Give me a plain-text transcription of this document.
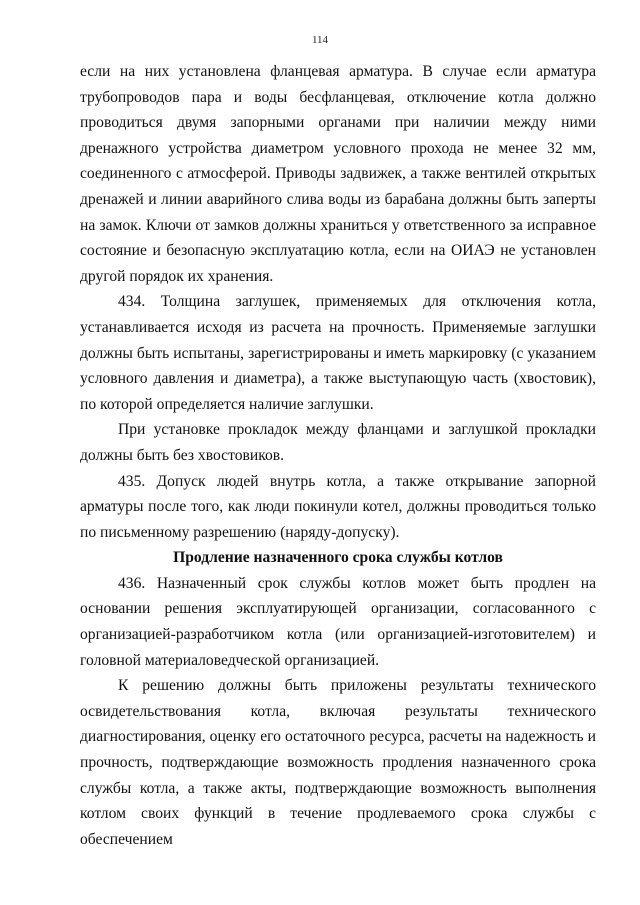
114

если на них установлена фланцевая арматура. В случае если арматура трубопроводов пара и воды бесфланцевая, отключение котла должно проводиться двумя запорными органами при наличии между ними дренажного устройства диаметром условного прохода не менее 32 мм, соединенного с атмосферой. Приводы задвижек, а также вентилей открытых дренажей и линии аварийного слива воды из барабана должны быть заперты на замок. Ключи от замков должны храниться у ответственного за исправное состояние и безопасную эксплуатацию котла, если на ОИАЭ не установлен другой порядок их хранения.

434. Толщина заглушек, применяемых для отключения котла, устанавливается исходя из расчета на прочность. Применяемые заглушки должны быть испытаны, зарегистрированы и иметь маркировку (с указанием условного давления и диаметра), а также выступающую часть (хвостовик), по которой определяется наличие заглушки.

При установке прокладок между фланцами и заглушкой прокладки должны быть без хвостовиков.

435. Допуск людей внутрь котла, а также открывание запорной арматуры после того, как люди покинули котел, должны проводиться только по письменному разрешению (наряду-допуску).

Продление назначенного срока службы котлов

436. Назначенный срок службы котлов может быть продлен на основании решения эксплуатирующей организации, согласованного с организацией-разработчиком котла (или организацией-изготовителем) и головной материаловедческой организацией.

К решению должны быть приложены результаты технического освидетельствования котла, включая результаты технического диагностирования, оценку его остаточного ресурса, расчеты на надежность и прочность, подтверждающие возможность продления назначенного срока службы котла, а также акты, подтверждающие возможность выполнения котлом своих функций в течение продлеваемого срока службы с обеспечением
